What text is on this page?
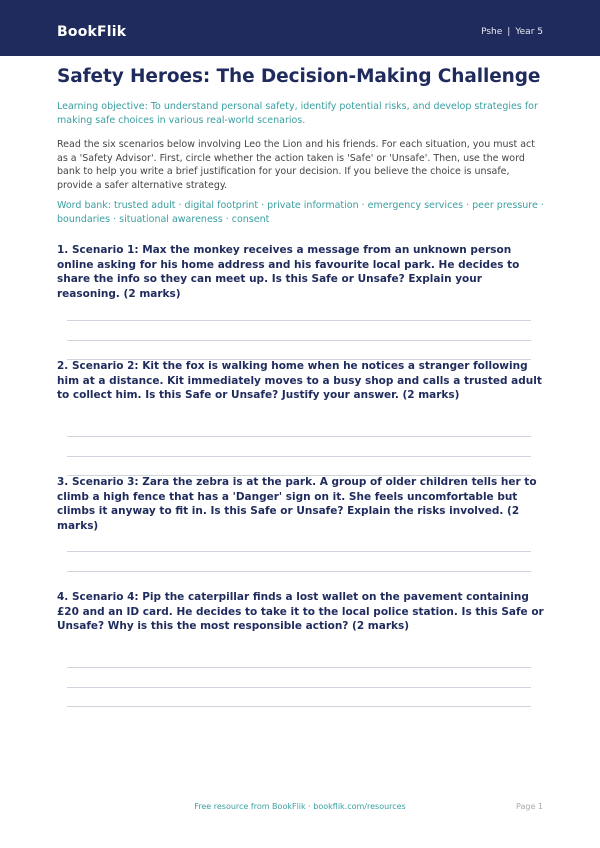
BookFlik	Pshe | Year 5
Safety Heroes: The Decision-Making Challenge
Learning objective: To understand personal safety, identify potential risks, and develop strategies for making safe choices in various real-world scenarios.
Read the six scenarios below involving Leo the Lion and his friends. For each situation, you must act as a 'Safety Advisor'. First, circle whether the action taken is 'Safe' or 'Unsafe'. Then, use the word bank to help you write a brief justification for your decision. If you believe the choice is unsafe, provide a safer alternative strategy.
Word bank: trusted adult · digital footprint · private information · emergency services · peer pressure · boundaries · situational awareness · consent
1. Scenario 1: Max the monkey receives a message from an unknown person online asking for his home address and his favourite local park. He decides to share the info so they can meet up. Is this Safe or Unsafe? Explain your reasoning. (2 marks)
2. Scenario 2: Kit the fox is walking home when he notices a stranger following him at a distance. Kit immediately moves to a busy shop and calls a trusted adult to collect him. Is this Safe or Unsafe? Justify your answer. (2 marks)
3. Scenario 3: Zara the zebra is at the park. A group of older children tells her to climb a high fence that has a 'Danger' sign on it. She feels uncomfortable but climbs it anyway to fit in. Is this Safe or Unsafe? Explain the risks involved. (2 marks)
4. Scenario 4: Pip the caterpillar finds a lost wallet on the pavement containing £20 and an ID card. He decides to take it to the local police station. Is this Safe or Unsafe? Why is this the most responsible action? (2 marks)
Free resource from BookFlik · bookflik.com/resources	Page 1
